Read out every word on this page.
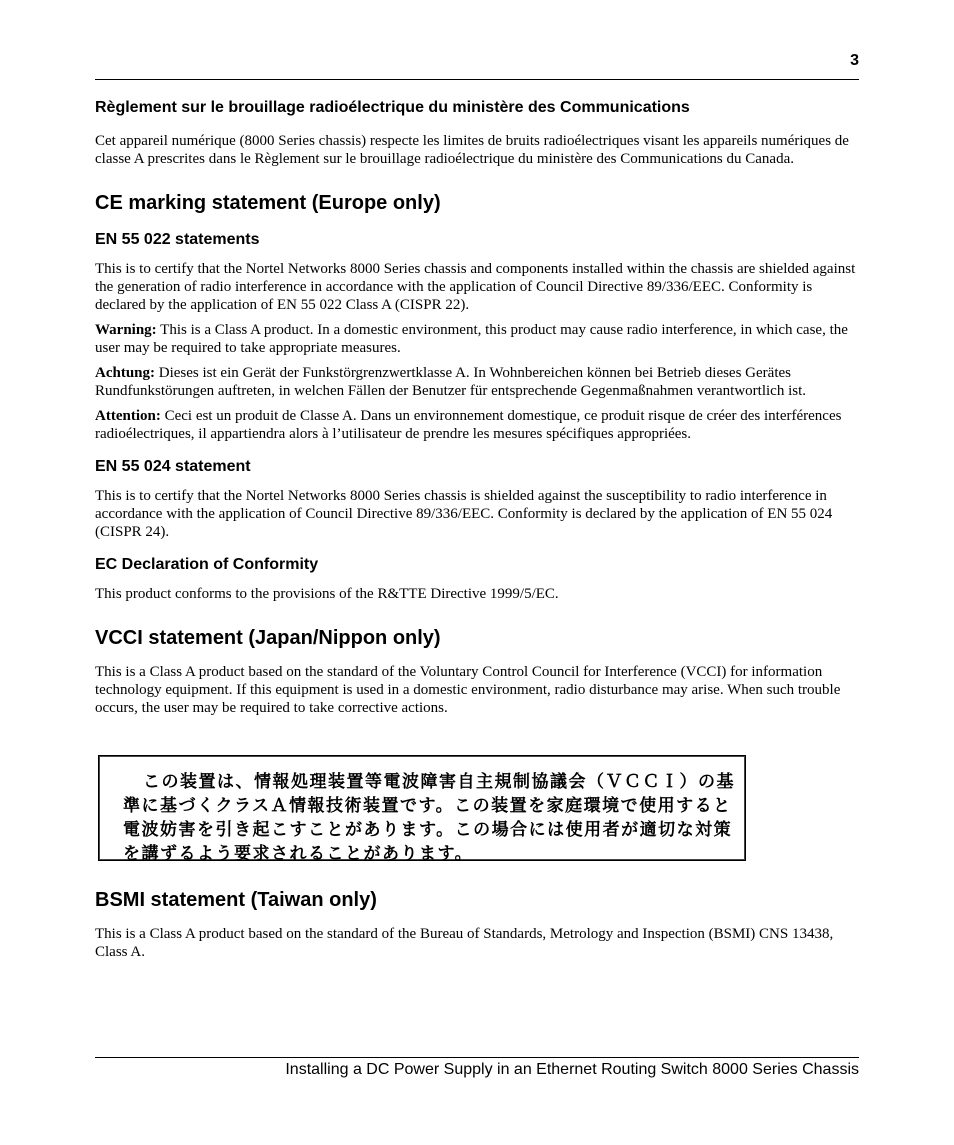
3
Règlement sur le brouillage radioélectrique du ministère des Communications

Cet appareil numérique (8000 Series chassis) respecte les limites de bruits radioélectriques visant les appareils numériques de classe A prescrites dans le Règlement sur le brouillage radioélectrique du ministère des Communications du Canada.

CE marking statement (Europe only)
EN 55 022 statements

This is to certify that the Nortel Networks 8000 Series chassis and components installed within the chassis are shielded against the generation of radio interference in accordance with the application of Council Directive 89/336/EEC. Conformity is declared by the application of EN 55 022 Class A (CISPR 22).

Warning: This is a Class A product. In a domestic environment, this product may cause radio interference, in which case, the user may be required to take appropriate measures.

Achtung: Dieses ist ein Gerät der Funkstörgrenzwertklasse A. In Wohnbereichen können bei Betrieb dieses Gerätes Rundfunkstörungen auftreten, in welchen Fällen der Benutzer für entsprechende Gegenmaßnahmen verantwortlich ist.

Attention: Ceci est un produit de Classe A. Dans un environnement domestique, ce produit risque de créer des interférences radioélectriques, il appartiendra alors à l’utilisateur de prendre les mesures spécifiques appropriées.

EN 55 024 statement

This is to certify that the Nortel Networks 8000 Series chassis is shielded against the susceptibility to radio interference in accordance with the application of Council Directive 89/336/EEC. Conformity is declared by the application of EN 55 024 (CISPR 24).

EC Declaration of Conformity

This product conforms to the provisions of the R&TTE Directive 1999/5/EC.

VCCI statement (Japan/Nippon only)

This is a Class A product based on the standard of the Voluntary Control Council for Interference (VCCI) for information technology equipment. If this equipment is used in a domestic environment, radio disturbance may arise. When such trouble occurs, the user may be required to take corrective actions.

この装置は、情報処理装置等電波障害自主規制協議会（ＶＣＣＩ）の基準に基づくクラスＡ情報技術装置です。この装置を家庭環境で使用すると電波妨害を引き起こすことがあります。この場合には使用者が適切な対策を講ずるよう要求されることがあります。
BSMI statement (Taiwan only)

This is a Class A product based on the standard of the Bureau of Standards, Metrology and Inspection (BSMI) CNS 13438, Class A.

Installing a DC Power Supply in an Ethernet Routing Switch 8000 Series Chassis
